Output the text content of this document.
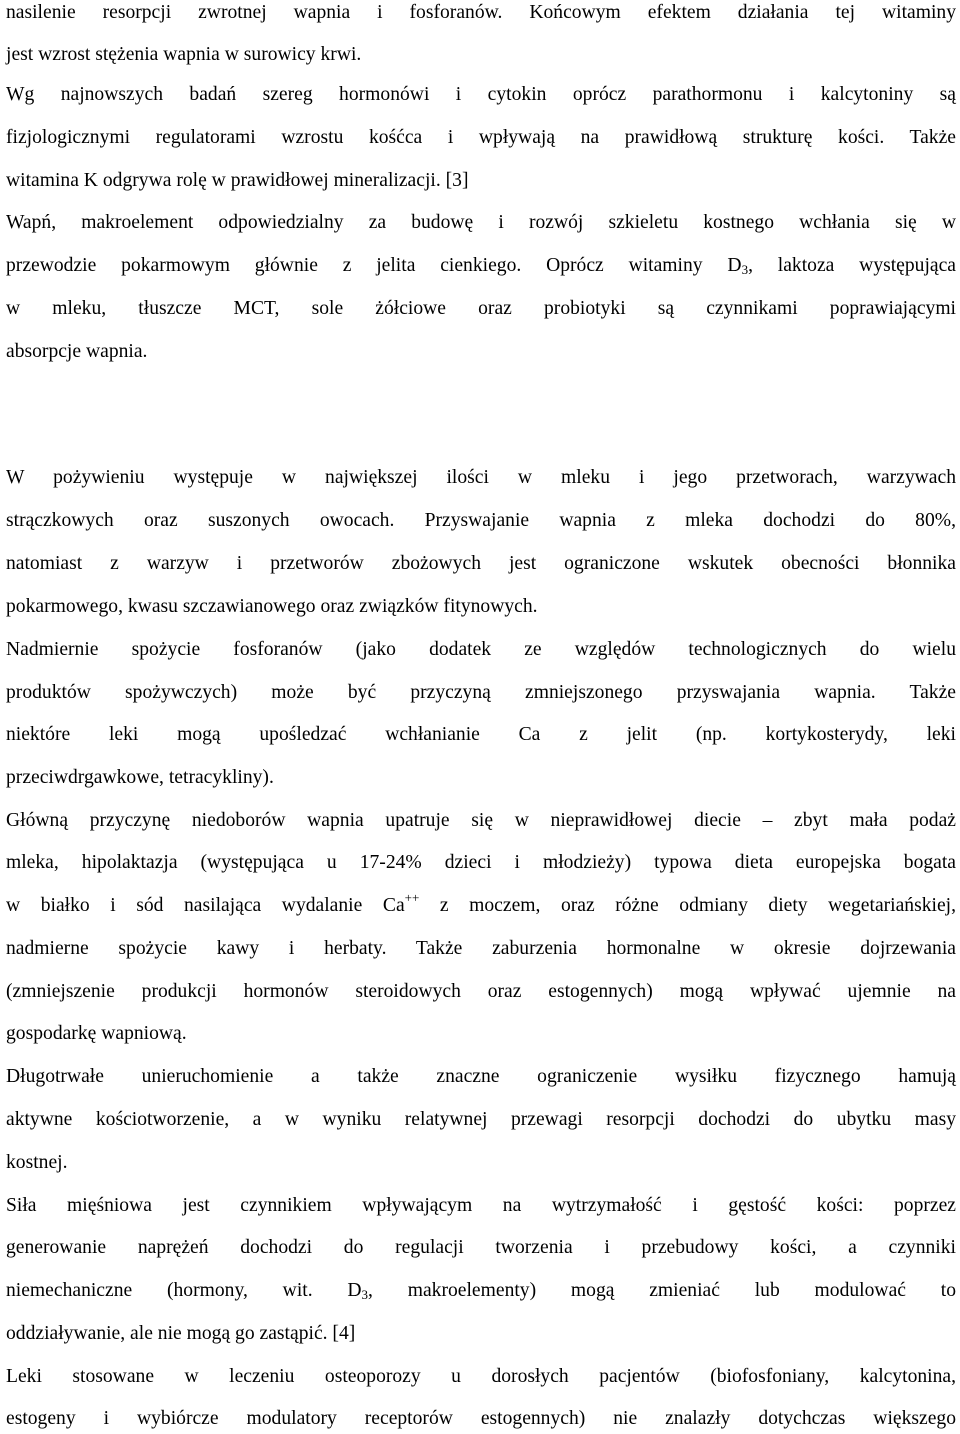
nasilenie resorpcji zwrotnej wapnia i fosforanów. Końcowym efektem działania tej witaminy
jest wzrost stężenia wapnia w surowicy krwi.
Wg najnowszych badań szereg hormonówi i cytokin oprócz parathormonu i kalcytoniny są
fizjologicznymi regulatorami wzrostu kośćca i wpływają na prawidłową strukturę kości. Także
witamina K odgrywa rolę w prawidłowej mineralizacji. [3]
Wapń, makroelement odpowiedzialny za budowę i rozwój szkieletu kostnego wchłania się w
przewodzie pokarmowym głównie z jelita cienkiego. Oprócz witaminy $D_3$, laktoza występująca
w mleku, tłuszcze MCT, sole żółciowe oraz probiotyki są czynnikami poprawiającymi
absorpcje wapnia.
W pożywieniu występuje w największej ilości w mleku i jego przetworach, warzywach
strączkowych oraz suszonych owocach. Przyswajanie wapnia z mleka dochodzi do 80%,
natomiast z warzyw i przetworów zbożowych jest ograniczone wskutek obecności błonnika
pokarmowego, kwasu szczawianowego oraz związków fitynowych.
Nadmiernie spożycie fosforanów (jako dodatek ze względów technologicznych do wielu
produktów spożywczych) może być przyczyną zmniejszonego przyswajania wapnia. Także
niektóre leki mogą upośledzać wchłanianie Ca z jelit (np. kortykosterydy, leki
przeciwdrgawkowe, tetracykliny).
Główną przyczynę niedoborów wapnia upatruje się w nieprawidłowej diecie – zbyt mała podaż
mleka, hipolaktazja (występująca u 17-24% dzieci i młodzieży) typowa dieta europejska bogata
w białko i sód nasilająca wydalanie Ca++ z moczem, oraz różne odmiany diety wegetariańskiej,
nadmierne spożycie kawy i herbaty. Także zaburzenia hormonalne w okresie dojrzewania
(zmniejszenie produkcji hormonów steroidowych oraz estogennych) mogą wpływać ujemnie na
gospodarkę wapniową.
Długotrwałe unieruchomienie a także znaczne ograniczenie wysiłku fizycznego hamują
aktywne kościotworzenie, a w wyniku relatywnej przewagi resorpcji dochodzi do ubytku masy
kostnej.
Siła mięśniowa jest czynnikiem wpływającym na wytrzymałość i gęstość kości: poprzez
generowanie naprężeń dochodzi do regulacji tworzenia i przebudowy kości, a czynniki
niemechaniczne (hormony, wit. $D_3$, makroelementy) mogą zmieniać lub modulować to
oddziaływanie, ale nie mogą go zastąpić. [4]
Leki stosowane w leczeniu osteoporozy u dorosłych pacjentów (biofosfoniany, kalcytonina,
estogeny i wybiórcze modulatory receptorów estogennych) nie znalazły dotychczas większego
